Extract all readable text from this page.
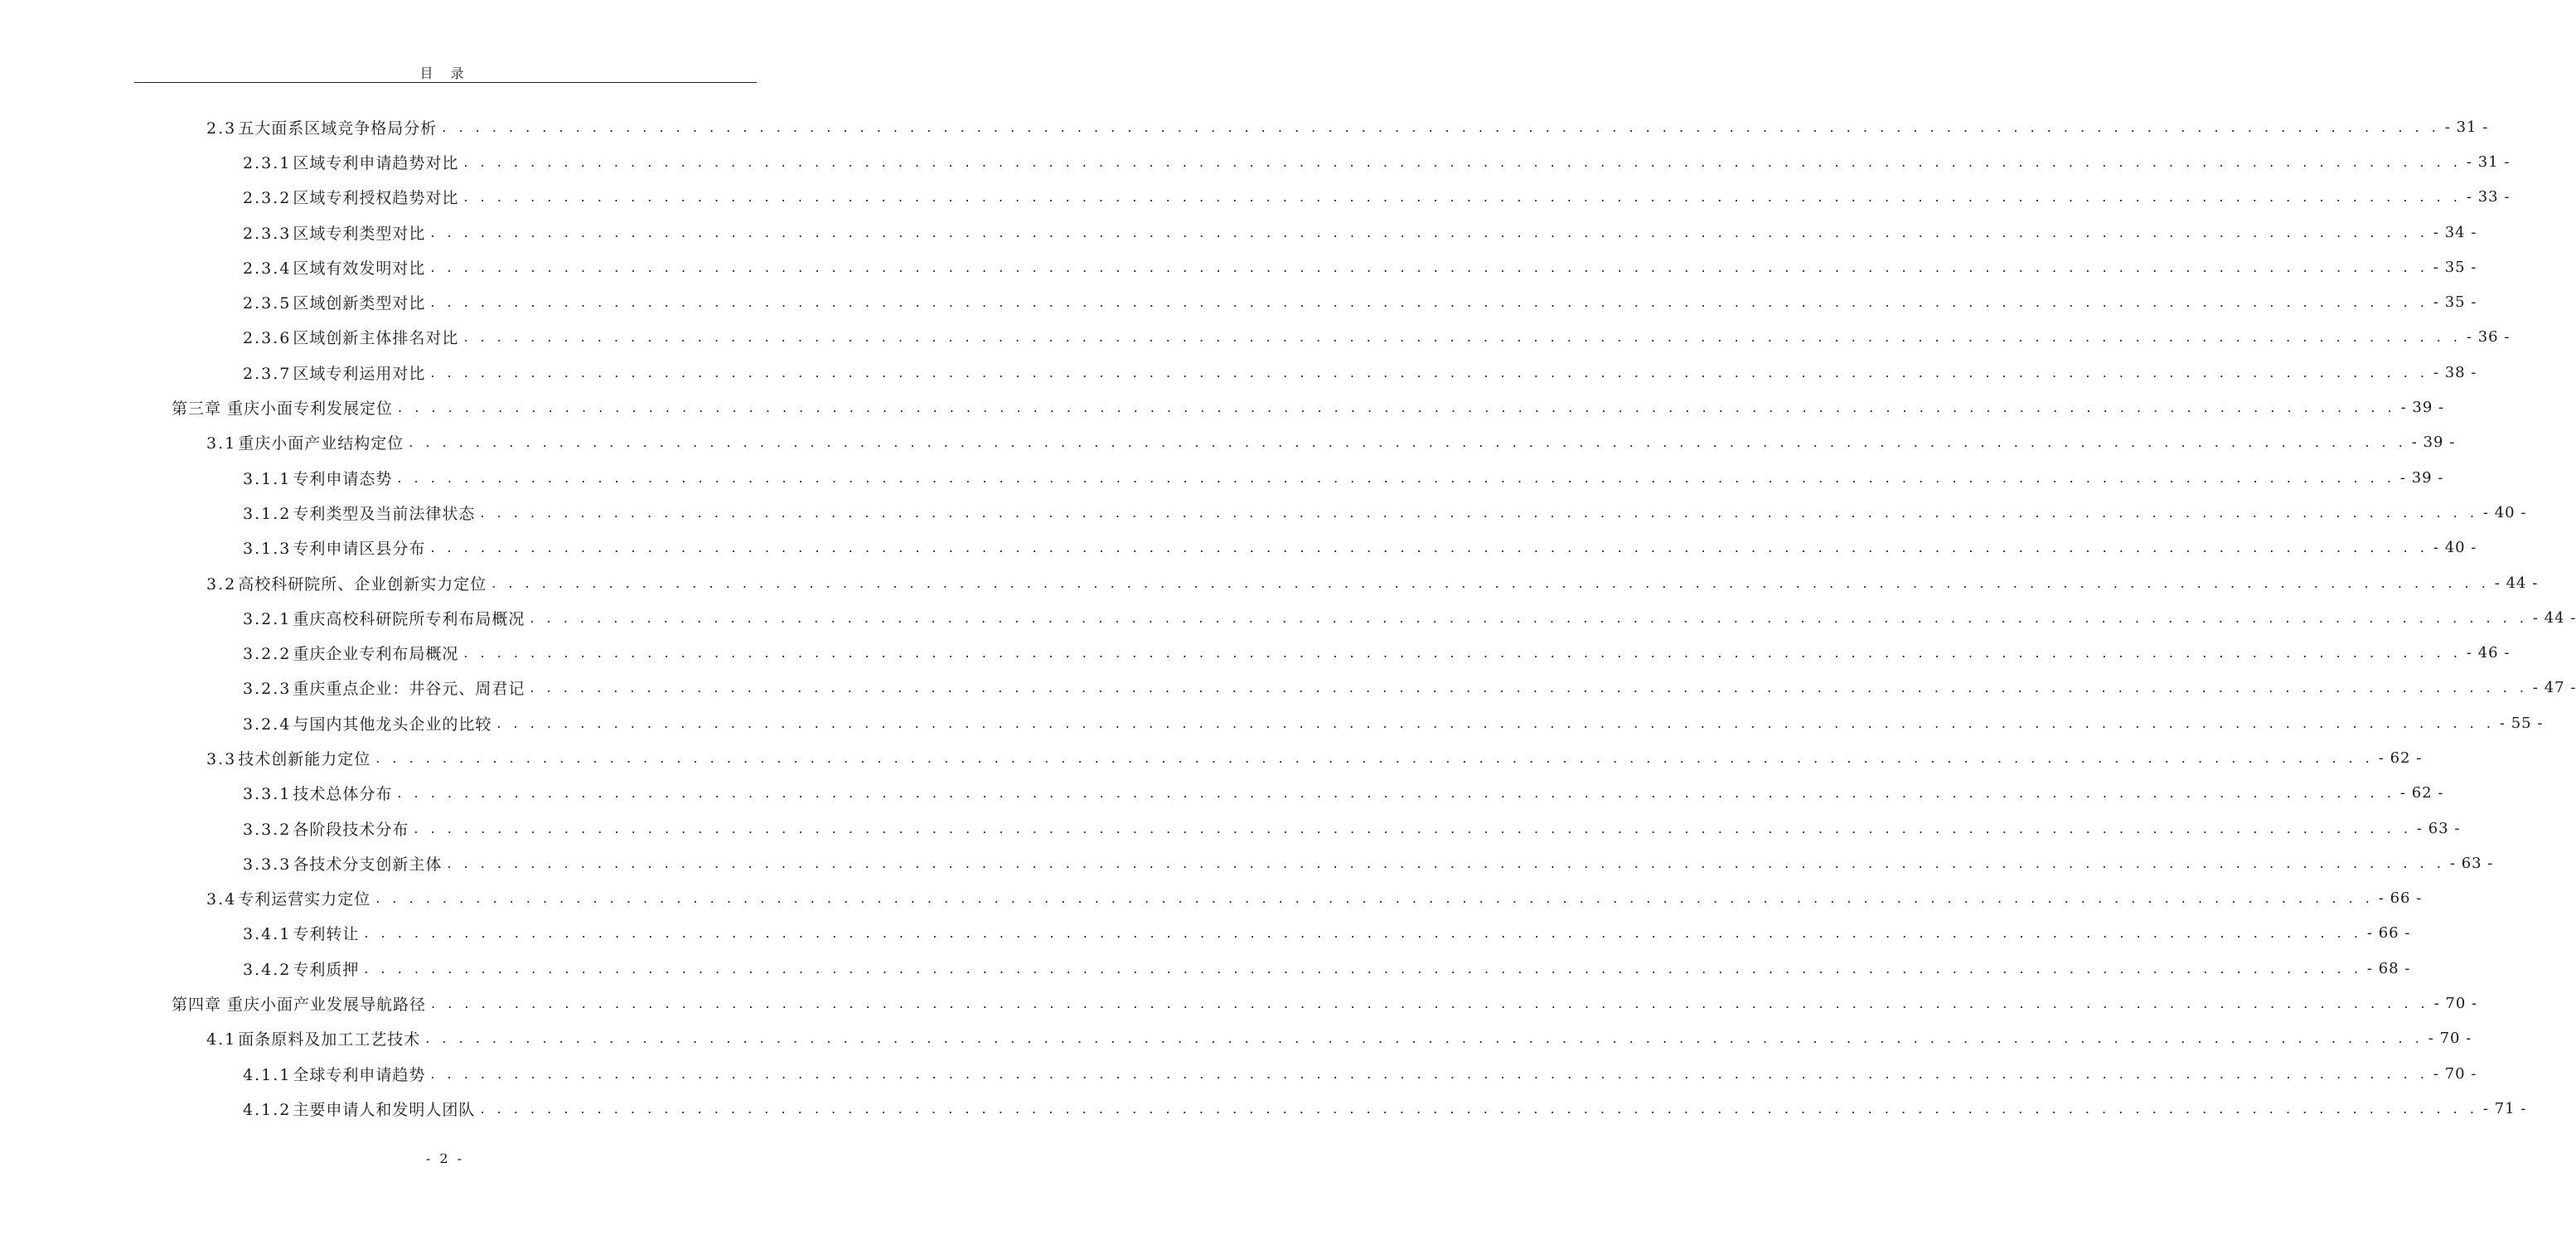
目 录
2.3 五大面系区域竞争格局分析 . . . . . . . . . . . . . . . . . . . . . . . . . . . . . . . . . . . . . . . . . . . . . . . . . . . . . . . . . . . . . . . . . . . . . . . . . . . . . . . . . . . . . . . . . . . . . . . . . . . . . . . . . . . . . . . . . . . . . . . . - 31 -
2.3.1 区域专利申请趋势对比 . . . . . . . . . . . . . . . . . . . . . . . . . . . . . . . . . . . . . . . . . . . . . . . . . . . . . . . . . . . . . . . . . . . . . . . . . . . . . . . . . . . . . . . . . . . . . . . . . . . . . . . . . . . . . . . . . . . . . . . . - 31 -
2.3.2 区域专利授权趋势对比 . . . . . . . . . . . . . . . . . . . . . . . . . . . . . . . . . . . . . . . . . . . . . . . . . . . . . . . . . . . . . . . . . . . . . . . . . . . . . . . . . . . . . . . . . . . . . . . . . . . . . . . . . . . . . . . . . . . . . . . . - 33 -
2.3.3 区域专利类型对比 . . . . . . . . . . . . . . . . . . . . . . . . . . . . . . . . . . . . . . . . . . . . . . . . . . . . . . . . . . . . . . . . . . . . . . . . . . . . . . . . . . . . . . . . . . . . . . . . . . . . . . . . . . . . . . . . . . . . . . . . - 34 -
2.3.4 区域有效发明对比 . . . . . . . . . . . . . . . . . . . . . . . . . . . . . . . . . . . . . . . . . . . . . . . . . . . . . . . . . . . . . . . . . . . . . . . . . . . . . . . . . . . . . . . . . . . . . . . . . . . . . . . . . . . . . . . . . . . . . . . . - 35 -
2.3.5 区域创新类型对比 . . . . . . . . . . . . . . . . . . . . . . . . . . . . . . . . . . . . . . . . . . . . . . . . . . . . . . . . . . . . . . . . . . . . . . . . . . . . . . . . . . . . . . . . . . . . . . . . . . . . . . . . . . . . . . . . . . . . . . . . - 35 -
2.3.6 区域创新主体排名对比 . . . . . . . . . . . . . . . . . . . . . . . . . . . . . . . . . . . . . . . . . . . . . . . . . . . . . . . . . . . . . . . . . . . . . . . . . . . . . . . . . . . . . . . . . . . . . . . . . . . . . . . . . . . . . . . . . . . . . . . . - 36 -
2.3.7 区域专利运用对比 . . . . . . . . . . . . . . . . . . . . . . . . . . . . . . . . . . . . . . . . . . . . . . . . . . . . . . . . . . . . . . . . . . . . . . . . . . . . . . . . . . . . . . . . . . . . . . . . . . . . . . . . . . . . . . . . . . . . . . . . - 38 -
第三章 重庆小面专利发展定位 . . . . . . . . . . . . . . . . . . . . . . . . . . . . . . . . . . . . . . . . . . . . . . . . . . . . . . . . . . . . . . . . . . . . . . . . . . . . . . . . . . . . . . . . . . . . . . . . . . . . . . . . . . . . . . . . . . . . . . . . - 39 -
3.1 重庆小面产业结构定位 . . . . . . . . . . . . . . . . . . . . . . . . . . . . . . . . . . . . . . . . . . . . . . . . . . . . . . . . . . . . . . . . . . . . . . . . . . . . . . . . . . . . . . . . . . . . . . . . . . . . . . . . . . . . . . . . . . . . . . . . - 39 -
3.1.1 专利申请态势 . . . . . . . . . . . . . . . . . . . . . . . . . . . . . . . . . . . . . . . . . . . . . . . . . . . . . . . . . . . . . . . . . . . . . . . . . . . . . . . . . . . . . . . . . . . . . . . . . . . . . . . . . . . . . . . . . . . . . . . . - 39 -
3.1.2 专利类型及当前法律状态 . . . . . . . . . . . . . . . . . . . . . . . . . . . . . . . . . . . . . . . . . . . . . . . . . . . . . . . . . . . . . . . . . . . . . . . . . . . . . . . . . . . . . . . . . . . . . . . . . . . . . . . . . . . . . . . . . . . . . . . . - 40 -
3.1.3 专利申请区县分布 . . . . . . . . . . . . . . . . . . . . . . . . . . . . . . . . . . . . . . . . . . . . . . . . . . . . . . . . . . . . . . . . . . . . . . . . . . . . . . . . . . . . . . . . . . . . . . . . . . . . . . . . . . . . . . . . . . . . . . . . - 40 -
3.2 高校科研院所、企业创新实力定位 . . . . . . . . . . . . . . . . . . . . . . . . . . . . . . . . . . . . . . . . . . . . . . . . . . . . . . . . . . . . . . . . . . . . . . . . . . . . . . . . . . . . . . . . . . . . . . . . . . . . . . . . . . . . . . . . . . . . . . . . - 44 -
3.2.1 重庆高校科研院所专利布局概况 . . . . . . . . . . . . . . . . . . . . . . . . . . . . . . . . . . . . . . . . . . . . . . . . . . . . . . . . . . . . . . . . . . . . . . . . . . . . . . . . . . . . . . . . . . . . . . . . . . . . . . . . . . . . . . . . . . . . . . . . - 44 -
3.2.2 重庆企业专利布局概况 . . . . . . . . . . . . . . . . . . . . . . . . . . . . . . . . . . . . . . . . . . . . . . . . . . . . . . . . . . . . . . . . . . . . . . . . . . . . . . . . . . . . . . . . . . . . . . . . . . . . . . . . . . . . . . . . . . . . . . . . - 46 -
3.2.3 重庆重点企业：井谷元、周君记 . . . . . . . . . . . . . . . . . . . . . . . . . . . . . . . . . . . . . . . . . . . . . . . . . . . . . . . . . . . . . . . . . . . . . . . . . . . . . . . . . . . . . . . . . . . . . . . . . . . . . . . . . . . . . . . . . . . . . . . . - 47 -
3.2.4 与国内其他龙头企业的比较 . . . . . . . . . . . . . . . . . . . . . . . . . . . . . . . . . . . . . . . . . . . . . . . . . . . . . . . . . . . . . . . . . . . . . . . . . . . . . . . . . . . . . . . . . . . . . . . . . . . . . . . . . . . . . . . . . . . . . . . . - 55 -
3.3 技术创新能力定位 . . . . . . . . . . . . . . . . . . . . . . . . . . . . . . . . . . . . . . . . . . . . . . . . . . . . . . . . . . . . . . . . . . . . . . . . . . . . . . . . . . . . . . . . . . . . . . . . . . . . . . . . . . . . . . . . . . . . . . . . - 62 -
3.3.1 技术总体分布 . . . . . . . . . . . . . . . . . . . . . . . . . . . . . . . . . . . . . . . . . . . . . . . . . . . . . . . . . . . . . . . . . . . . . . . . . . . . . . . . . . . . . . . . . . . . . . . . . . . . . . . . . . . . . . . . . . . . . . . . - 62 -
3.3.2 各阶段技术分布 . . . . . . . . . . . . . . . . . . . . . . . . . . . . . . . . . . . . . . . . . . . . . . . . . . . . . . . . . . . . . . . . . . . . . . . . . . . . . . . . . . . . . . . . . . . . . . . . . . . . . . . . . . . . . . . . . . . . . . . . - 63 -
3.3.3 各技术分支创新主体 . . . . . . . . . . . . . . . . . . . . . . . . . . . . . . . . . . . . . . . . . . . . . . . . . . . . . . . . . . . . . . . . . . . . . . . . . . . . . . . . . . . . . . . . . . . . . . . . . . . . . . . . . . . . . . . . . . . . . . . . - 63 -
3.4 专利运营实力定位 . . . . . . . . . . . . . . . . . . . . . . . . . . . . . . . . . . . . . . . . . . . . . . . . . . . . . . . . . . . . . . . . . . . . . . . . . . . . . . . . . . . . . . . . . . . . . . . . . . . . . . . . . . . . . . . . . . . . . . . . - 66 -
3.4.1 专利转让 . . . . . . . . . . . . . . . . . . . . . . . . . . . . . . . . . . . . . . . . . . . . . . . . . . . . . . . . . . . . . . . . . . . . . . . . . . . . . . . . . . . . . . . . . . . . . . . . . . . . . . . . . . . . . . . . . . . . . . . . - 66 -
3.4.2 专利质押 . . . . . . . . . . . . . . . . . . . . . . . . . . . . . . . . . . . . . . . . . . . . . . . . . . . . . . . . . . . . . . . . . . . . . . . . . . . . . . . . . . . . . . . . . . . . . . . . . . . . . . . . . . . . . . . . . . . . . . . . - 68 -
第四章 重庆小面产业发展导航路径 . . . . . . . . . . . . . . . . . . . . . . . . . . . . . . . . . . . . . . . . . . . . . . . . . . . . . . . . . . . . . . . . . . . . . . . . . . . . . . . . . . . . . . . . . . . . . . . . . . . . . . . . . . . . . . . . . . . . . . . . - 70 -
4.1 面条原料及加工工艺技术 . . . . . . . . . . . . . . . . . . . . . . . . . . . . . . . . . . . . . . . . . . . . . . . . . . . . . . . . . . . . . . . . . . . . . . . . . . . . . . . . . . . . . . . . . . . . . . . . . . . . . . . . . . . . . . . . . . . . . . . . - 70 -
4.1.1 全球专利申请趋势 . . . . . . . . . . . . . . . . . . . . . . . . . . . . . . . . . . . . . . . . . . . . . . . . . . . . . . . . . . . . . . . . . . . . . . . . . . . . . . . . . . . . . . . . . . . . . . . . . . . . . . . . . . . . . . . . . . . . . . . . - 70 -
4.1.2 主要申请人和发明人团队 . . . . . . . . . . . . . . . . . . . . . . . . . . . . . . . . . . . . . . . . . . . . . . . . . . . . . . . . . . . . . . . . . . . . . . . . . . . . . . . . . . . . . . . . . . . . . . . . . . . . . . . . . . . . . . . . . . . . . . . . - 71 -
- 2 -
